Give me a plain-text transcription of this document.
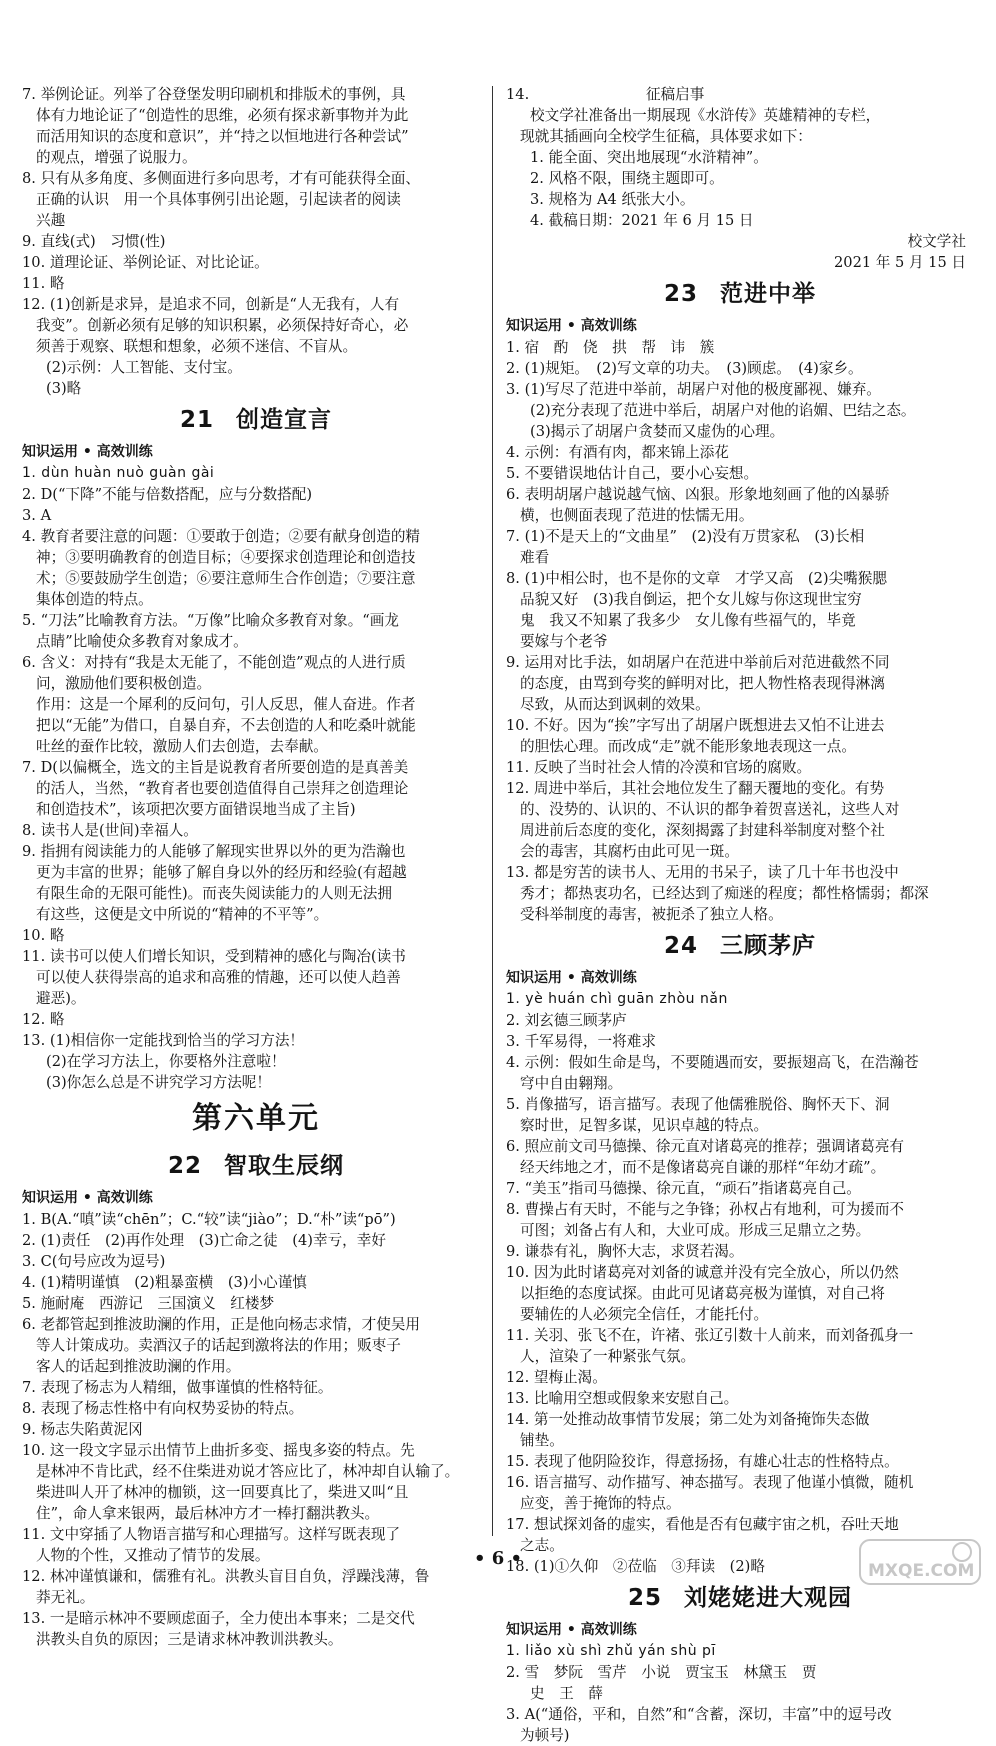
7. 举例论证。列举了谷登堡发明印刷机和排版术的事例，具
体有力地论证了“创造性的思维，必须有探求新事物并为此
而活用知识的态度和意识”，并“持之以恒地进行各种尝试”
的观点，增强了说服力。
8. 只有从多角度、多侧面进行多向思考，才有可能获得全面、
正确的认识　用一个具体事例引出论题，引起读者的阅读
兴趣
9. 直线(式)　习惯(性)
10. 道理论证、举例论证、对比论证。
11. 略
12. (1)创新是求异，是追求不同，创新是“人无我有，人有
我变”。创新必须有足够的知识积累，必须保持好奇心，必
须善于观察、联想和想象，必须不迷信、不盲从。
(2)示例：人工智能、支付宝。
(3)略
21 创造宣言
知识运用 • 高效训练
1. dùn huàn nuò guàn gài
2. D(“下降”不能与倍数搭配，应与分数搭配)
3. A
4. 教育者要注意的问题：①要敢于创造；②要有献身创造的精
神；③要明确教育的创造目标；④要探求创造理论和创造技
术；⑤要鼓励学生创造；⑥要注意师生合作创造；⑦要注意
集体创造的特点。
5. “刀法”比喻教育方法。“万像”比喻众多教育对象。“画龙
点睛”比喻使众多教育对象成才。
6. 含义：对持有“我是太无能了，不能创造”观点的人进行质
问，激励他们要积极创造。
作用：这是一个犀利的反问句，引人反思，催人奋进。作者
把以“无能”为借口，自暴自弃，不去创造的人和吃桑叶就能
吐丝的蚕作比较，激励人们去创造，去奉献。
7. D(以偏概全，选文的主旨是说教育者所要创造的是真善美
的活人，当然，“教育者也要创造值得自己崇拜之创造理论
和创造技术”，该项把次要方面错误地当成了主旨)
8. 读书人是(世间)幸福人。
9. 指拥有阅读能力的人能够了解现实世界以外的更为浩瀚也
更为丰富的世界；能够了解自身以外的经历和经验(有超越
有限生命的无限可能性)。而丧失阅读能力的人则无法拥
有这些，这便是文中所说的“精神的不平等”。
10. 略
11. 读书可以使人们增长知识，受到精神的感化与陶冶(读书
可以使人获得崇高的追求和高雅的情趣，还可以使人趋善
避恶)。
12. 略
13. (1)相信你一定能找到恰当的学习方法！
(2)在学习方法上，你要格外注意啦！
(3)你怎么总是不讲究学习方法呢！
第六单元
22 智取生辰纲
知识运用 • 高效训练
1. B(A.“嗔”读“chēn”；C.“较”读“jiào”；D.“朴”读“pō”)
2. (1)责任　(2)再作处理　(3)亡命之徒　(4)幸亏，幸好
3. C(句号应改为逗号)
4. (1)精明谨慎　(2)粗暴蛮横　(3)小心谨慎
5. 施耐庵　西游记　三国演义　红楼梦
6. 老都管起到推波助澜的作用，正是他向杨志求情，才使吴用
等人计策成功。卖酒汉子的话起到激将法的作用；贩枣子
客人的话起到推波助澜的作用。
7. 表现了杨志为人精细，做事谨慎的性格特征。
8. 表现了杨志性格中有向权势妥协的特点。
9. 杨志失陷黄泥冈
10. 这一段文字显示出情节上曲折多变、摇曳多姿的特点。先
是林冲不肯比武，经不住柴进劝说才答应比了，林冲却自认输了。
柴进叫人开了林冲的枷锁，这一回要真比了，柴进又叫“且
住”，命人拿来银两，最后林冲方才一棒打翻洪教头。
11. 文中穿插了人物语言描写和心理描写。这样写既表现了
人物的个性，又推动了情节的发展。
12. 林冲谨慎谦和，儒雅有礼。洪教头盲目自负，浮躁浅薄，鲁
莽无礼。
13. 一是暗示林冲不要顾虑面子，全力使出本事来；二是交代
洪教头自负的原因；三是请求林冲教训洪教头。
14.　　　　　　　　征稿启事
校文学社准备出一期展现《水浒传》英雄精神的专栏，
现就其插画向全校学生征稿，具体要求如下：
1. 能全面、突出地展现“水浒精神”。
2. 风格不限，围绕主题即可。
3. 规格为 A4 纸张大小。
4. 截稿日期：2021 年 6 月 15 日
校文学社
2021 年 5 月 15 日
23 范进中举
知识运用 • 高效训练
1. 宿　酌　侥　拱　帮　讳　簇
2. (1)规矩。　(2)写文章的功夫。　(3)顾虑。　(4)家乡。
3. (1)写尽了范进中举前，胡屠户对他的极度鄙视、嫌弃。
(2)充分表现了范进中举后，胡屠户对他的谄媚、巴结之态。
(3)揭示了胡屠户贪婪而又虚伪的心理。
4. 示例：有酒有肉，都来锦上添花
5. 不要错误地估计自己，要小心妄想。
6. 表明胡屠户越说越气恼、凶狠。形象地刻画了他的凶暴骄
横，也侧面表现了范进的怯懦无用。
7. (1)不是天上的“文曲星”　(2)没有万贯家私　(3)长相
难看
8. (1)中相公时，也不是你的文章　才学又高　(2)尖嘴猴腮
品貌又好　(3)我自倒运，把个女儿嫁与你这现世宝穷
鬼　我又不知累了我多少　女儿像有些福气的，毕竟
要嫁与个老爷
9. 运用对比手法，如胡屠户在范进中举前后对范进截然不同
的态度，由骂到夸奖的鲜明对比，把人物性格表现得淋漓
尽致，从而达到讽刺的效果。
10. 不好。因为“挨”字写出了胡屠户既想进去又怕不让进去
的胆怯心理。而改成“走”就不能形象地表现这一点。
11. 反映了当时社会人情的冷漠和官场的腐败。
12. 周进中举后，其社会地位发生了翻天覆地的变化。有势
的、没势的、认识的、不认识的都争着贺喜送礼，这些人对
周进前后态度的变化，深刻揭露了封建科举制度对整个社
会的毒害，其腐朽由此可见一斑。
13. 都是穷苦的读书人、无用的书呆子，读了几十年书也没中
秀才；都热衷功名，已经达到了痴迷的程度；都性格懦弱；都深
受科举制度的毒害，被扼杀了独立人格。
24 三顾茅庐
知识运用 • 高效训练
1. yè huán chì guān zhòu nǎn
2. 刘玄德三顾茅庐
3. 千军易得，一将难求
4. 示例：假如生命是鸟，不要随遇而安，要振翅高飞，在浩瀚苍
穹中自由翱翔。
5. 肖像描写，语言描写。表现了他儒雅脱俗、胸怀天下、洞
察时世，足智多谋，见识卓越的特点。
6. 照应前文司马德操、徐元直对诸葛亮的推荐；强调诸葛亮有
经天纬地之才，而不是像诸葛亮自谦的那样“年幼才疏”。
7. “美玉”指司马德操、徐元直，“顽石”指诸葛亮自己。
8. 曹操占有天时，不能与之争锋；孙权占有地利，可为援而不
可图；刘备占有人和，大业可成。形成三足鼎立之势。
9. 谦恭有礼，胸怀大志，求贤若渴。
10. 因为此时诸葛亮对刘备的诚意并没有完全放心，所以仍然
以拒绝的态度试探。由此可见诸葛亮极为谨慎，对自己将
要辅佐的人必须完全信任，才能托付。
11. 关羽、张飞不在，许褚、张辽引数十人前来，而刘备孤身一
人，渲染了一种紧张气氛。
12. 望梅止渴。
13. 比喻用空想或假象来安慰自己。
14. 第一处推动故事情节发展；第二处为刘备掩饰失态做
铺垫。
15. 表现了他阴险狡诈，得意扬扬，有雄心壮志的性格特点。
16. 语言描写、动作描写、神态描写。表现了他谨小慎微，随机
应变，善于掩饰的特点。
17. 想试探刘备的虚实，看他是否有包藏宇宙之机，吞吐天地
之志。
18. (1)①久仰　②莅临　③拜读　(2)略
25 刘姥姥进大观园
知识运用 • 高效训练
1. liǎo xù shì zhǔ yán shù pī
2. 雪　梦阮　雪芹　小说　贾宝玉　林黛玉　贾
史　王　薛
3. A(“通俗，平和，自然”和“含蓄，深切，丰富”中的逗号改
为顿号)
• 6 •
MXQE.COM
